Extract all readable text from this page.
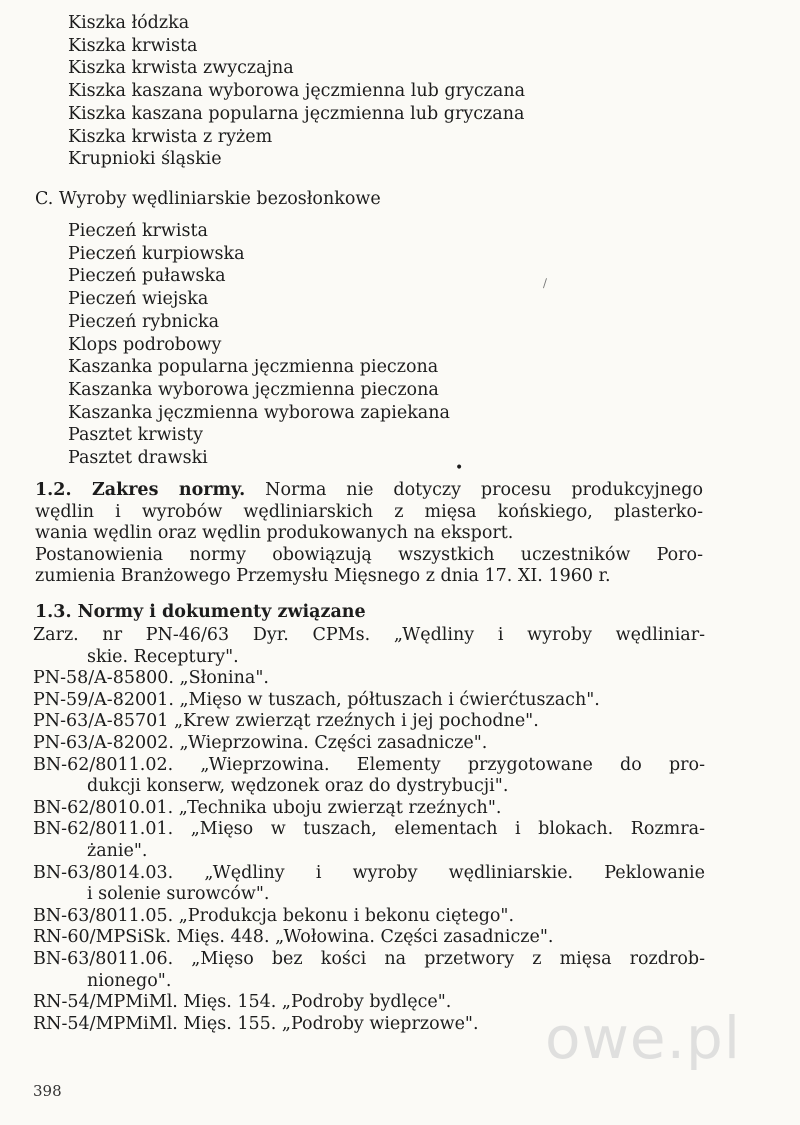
Kiszka łódzka
Kiszka krwista
Kiszka krwista zwyczajna
Kiszka kaszana wyborowa jęczmienna lub gryczana
Kiszka kaszana popularna jęczmienna lub gryczana
Kiszka krwista z ryżem
Krupnioki śląskie
C. Wyroby wędliniarskie bezosłonkowe
Pieczeń krwista
Pieczeń kurpiowska
Pieczeń puławska
Pieczeń wiejska
Pieczeń rybnicka
Klops podrobowy
Kaszanka popularna jęczmienna pieczona
Kaszanka wyborowa jęczmienna pieczona
Kaszanka jęczmienna wyborowa zapiekana
Pasztet krwisty
Pasztet drawski
\
•
1.2. Zakres normy. Norma nie dotyczy procesu produkcyjnego
wędlin i wyrobów wędliniarskich z mięsa końskiego, plasterko-
wania wędlin oraz wędlin produkowanych na eksport.
Postanowienia normy obowiązują wszystkich uczestników Poro-
zumienia Branżowego Przemysłu Mięsnego z dnia 17. XI. 1960 r.
1.3. Normy i dokumenty związane
Zarz. nr PN-46/63 Dyr. CPMs. „Wędliny i wyroby wędliniar-
skie. Receptury".
PN-58/A-85800. „Słonina".
PN-59/A-82001. „Mięso w tuszach, półtuszach i ćwierćtuszach".
PN-63/A-85701 „Krew zwierząt rzeźnych i jej pochodne".
PN-63/A-82002. „Wieprzowina. Części zasadnicze".
BN-62/8011.02. „Wieprzowina. Elementy przygotowane do pro-
dukcji konserw, wędzonek oraz do dystrybucji".
BN-62/8010.01. „Technika uboju zwierząt rzeźnych".
BN-62/8011.01. „Mięso w tuszach, elementach i blokach. Rozmra-
żanie".
BN-63/8014.03. „Wędliny i wyroby wędliniarskie. Peklowanie
i solenie surowców".
BN-63/8011.05. „Produkcja bekonu i bekonu ciętego".
RN-60/MPSiSk. Mięs. 448. „Wołowina. Części zasadnicze".
BN-63/8011.06. „Mięso bez kości na przetwory z mięsa rozdrob-
nionego".
RN-54/MPMiMl. Mięs. 154. „Podroby bydlęce".
RN-54/MPMiMl. Mięs. 155. „Podroby wieprzowe".	owe.pl
398
